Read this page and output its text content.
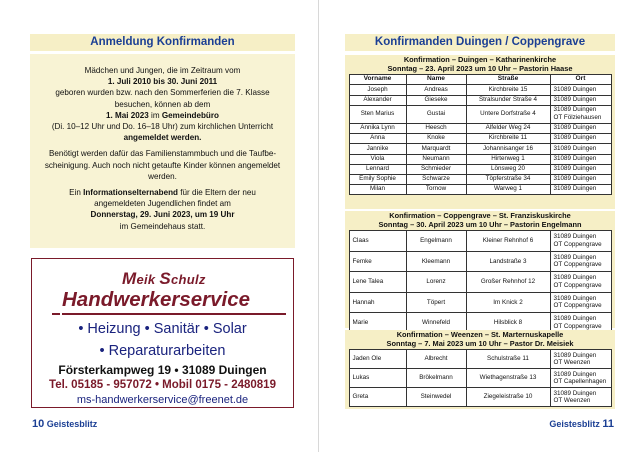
Anmeldung Konfirmanden

Mädchen und Jungen, die im Zeitraum vom

1. Juli 2010 bis 30. Juni 2011

geboren wurden bzw. nach den Sommerferien die 7. Klasse

besuchen, können ab dem

1. Mai 2023 im Gemeindebüro

(Di. 10–12 Uhr und Do. 16–18 Uhr) zum kirchlichen Unterricht

angemeldet werden.

Benötigt werden dafür das Familienstammbuch und die Taufbe-

scheinigung. Auch noch nicht getaufte Kinder können angemeldet

werden.

Ein Informationselternabend für die Eltern der neu

angemeldeten Jugendlichen findet am

Donnerstag, 29. Juni 2023, um 19 Uhr

im Gemeindehaus statt.

Meik Schulz
Handwerkerservice
• Heizung • Sanitär • Solar
• Reparaturarbeiten
Försterkampweg 19 • 31089 Duingen
Tel. 05185 - 957072 • Mobil 0175 - 2480819
ms-handwerkerservice@freenet.de
10 Geistesblitz
Konfirmanden Duingen / Coppengrave
Konfirmation – Duingen – Katharinenkirche
Sonntag – 23. April 2023 um 10 Uhr – Pastorin Haase
Vorname	Name	Straße	Ort
Joseph	Andreas	Kirchbreite 15	31089 Duingen

Alexander	Gieseke	Stralsunder Straße 4	31089 Duingen

Sten Marius	Gustai	Untere Dorfstraße 4	31089 Duingen
OT Fölziehausen

Annika Lynn	Heesch	Alfelder Weg 24	31089 Duingen

Anna	Knoke	Kirchbreite 11	31089 Duingen

Jannike	Marquardt	Johannisanger 16	31089 Duingen

Viola	Neumann	Hirtenweg 1	31089 Duingen

Lennard	Schmieder	Lönsweg 20	31089 Duingen

Emily Sophie	Schwarze	Töpferstraße 34	31089 Duingen

Milan	Tornow	Warweg 1	31089 Duingen
Konfirmation – Coppengrave – St. Franziskuskirche
Sonntag – 30. April 2023 um 10 Uhr – Pastorin Engelmann
Claas	Engelmann	Kleiner Rehnhof 6	31089 Duingen
OT Coppengrave

Femke	Kleemann	Landstraße 3	31089 Duingen
OT Coppengrave

Lene Talea	Lorenz	Großer Rehnhof 12	31089 Duingen
OT Coppengrave

Hannah	Töpert	Im Knick 2	31089 Duingen
OT Coppengrave

Marie	Winnefeld	Hilsblick 8	31089 Duingen
OT Coppengrave
Konfirmation – Weenzen – St. Marternuskapelle
Sonntag – 7. Mai 2023 um 10 Uhr – Pastor Dr. Meisiek
Jaden Ole	Albrecht	Schulstraße 11	31089 Duingen
OT Weenzen

Lukas	Brökelmann	Wiethagenstraße 13	31089 Duingen
OT Capellenhagen

Greta	Steinwedel	Ziegeleistraße 10	31089 Duingen
OT Weenzen
Geistesblitz 11
